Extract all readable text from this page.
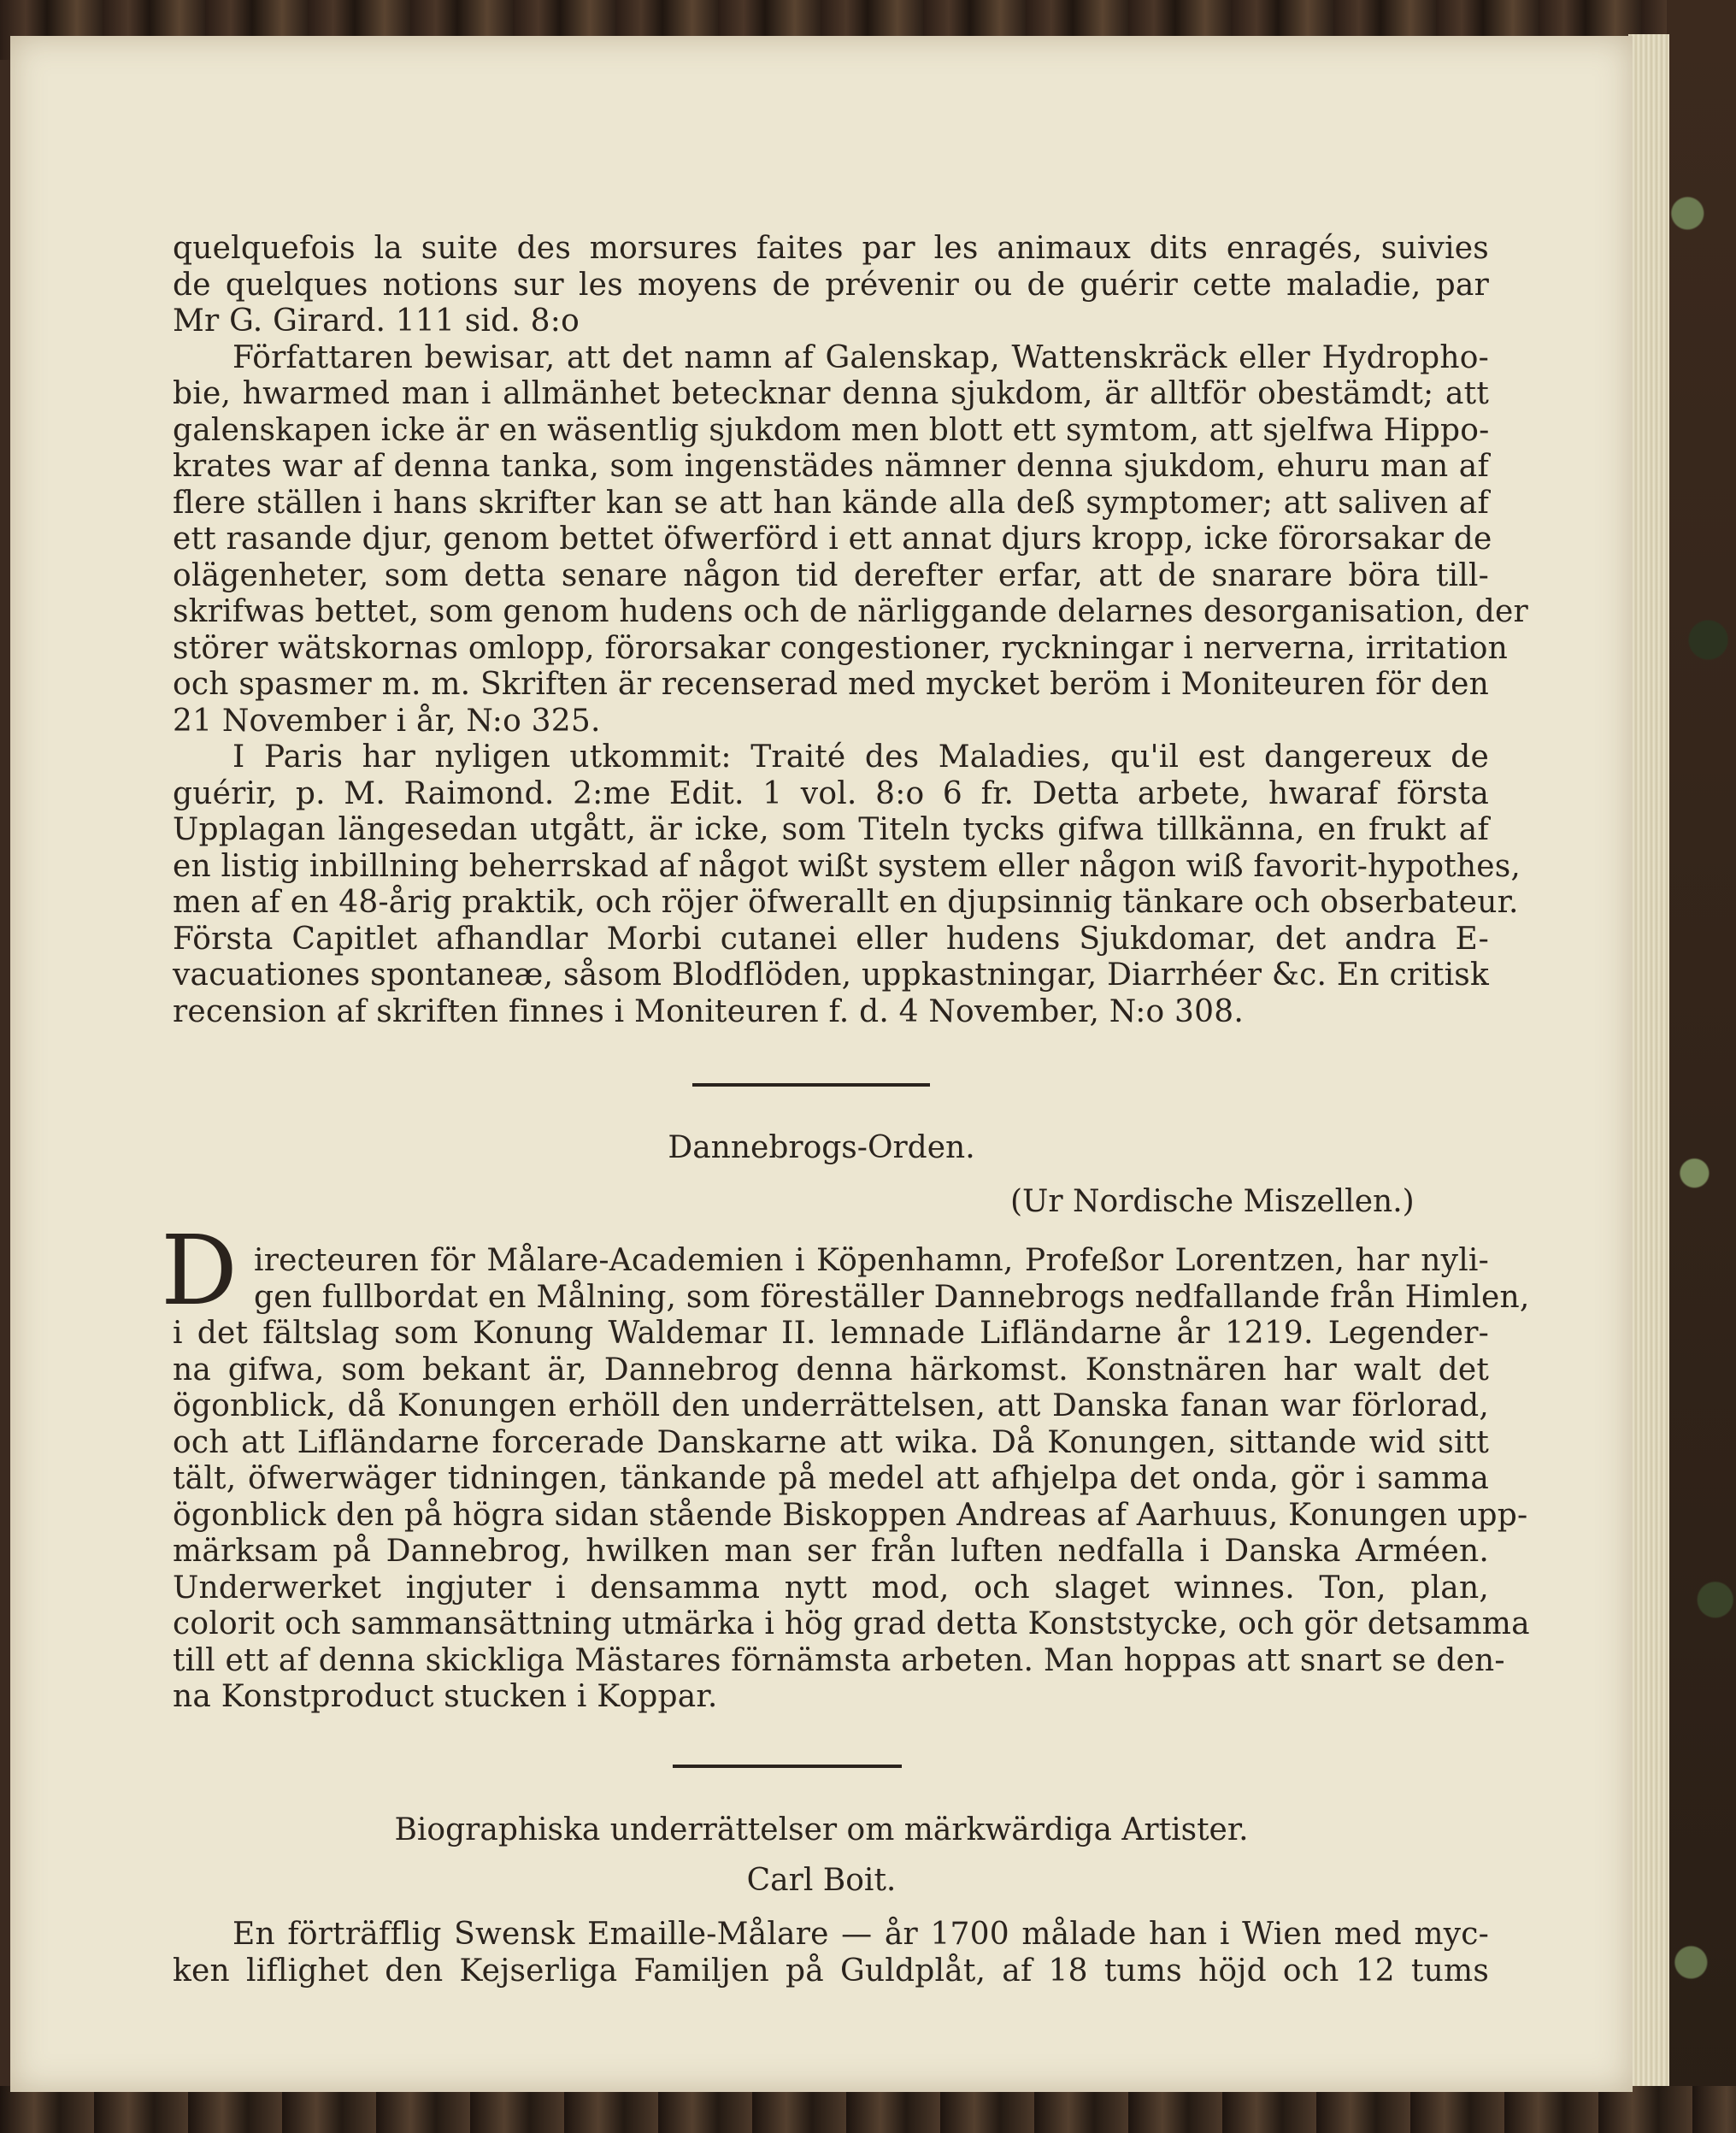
quelquefois la suite des morsures faites par les animaux dits enragés, suivies
de quelques notions sur les moyens de prévenir ou de guérir cette maladie, par
Mr G. Girard. 111 sid. 8:o
Författaren bewisar, att det namn af Galenskap, Wattenskräck eller Hydropho-
bie, hwarmed man i allmänhet betecknar denna sjukdom, är alltför obestämdt; att
galenskapen icke är en wäsentlig sjukdom men blott ett symtom, att sjelfwa Hippo-
krates war af denna tanka, som ingenstädes nämner denna sjukdom, ehuru man af
flere ställen i hans skrifter kan se att han kände alla deß symptomer; att saliven af
ett rasande djur, genom bettet öfwerförd i ett annat djurs kropp, icke förorsakar de
olägenheter, som detta senare någon tid derefter erfar, att de snarare böra till-
skrifwas bettet, som genom hudens och de närliggande delarnes desorganisation, der
störer wätskornas omlopp, förorsakar congestioner, ryckningar i nerverna, irritation
och spasmer m. m. Skriften är recenserad med mycket beröm i Moniteuren för den
21 November i år, N:o 325.
I Paris har nyligen utkommit: Traité des Maladies, qu'il est dangereux de
guérir, p. M. Raimond. 2:me Edit. 1 vol. 8:o 6 fr. Detta arbete, hwaraf första
Upplagan längesedan utgått, är icke, som Titeln tycks gifwa tillkänna, en frukt af
en listig inbillning beherrskad af något wißt system eller någon wiß favorit-hypothes,
men af en 48-årig praktik, och röjer öfwerallt en djupsinnig tänkare och obserbateur.
Första Capitlet afhandlar Morbi cutanei eller hudens Sjukdomar, det andra E-
vacuationes spontaneæ, såsom Blodflöden, uppkastningar, Diarrhéer &c. En critisk
recension af skriften finnes i Moniteuren f. d. 4 November, N:o 308.
Dannebrogs-Orden.
(Ur Nordische Miszellen.)
D irecteuren för Målare-Academien i Köpenhamn, Profeßor Lorentzen, har nyli-
gen fullbordat en Målning, som föreställer Dannebrogs nedfallande från Himlen,
i det fältslag som Konung Waldemar II. lemnade Lifländarne år 1219. Legender-
na gifwa, som bekant är, Dannebrog denna härkomst. Konstnären har walt det
ögonblick, då Konungen erhöll den underrättelsen, att Danska fanan war förlorad,
och att Lifländarne forcerade Danskarne att wika. Då Konungen, sittande wid sitt
tält, öfwerwäger tidningen, tänkande på medel att afhjelpa det onda, gör i samma
ögonblick den på högra sidan stående Biskoppen Andreas af Aarhuus, Konungen upp-
märksam på Dannebrog, hwilken man ser från luften nedfalla i Danska Arméen.
Underwerket ingjuter i densamma nytt mod, och slaget winnes. Ton, plan,
colorit och sammansättning utmärka i hög grad detta Konststycke, och gör detsamma
till ett af denna skickliga Mästares förnämsta arbeten. Man hoppas att snart se den-
na Konstproduct stucken i Koppar.
Biographiska underrättelser om märkwärdiga Artister.
Carl Boit.
En förträfflig Swensk Emaille-Målare — år 1700 målade han i Wien med myc-
ken liflighet den Kejserliga Familjen på Guldplåt, af 18 tums höjd och 12 tums
